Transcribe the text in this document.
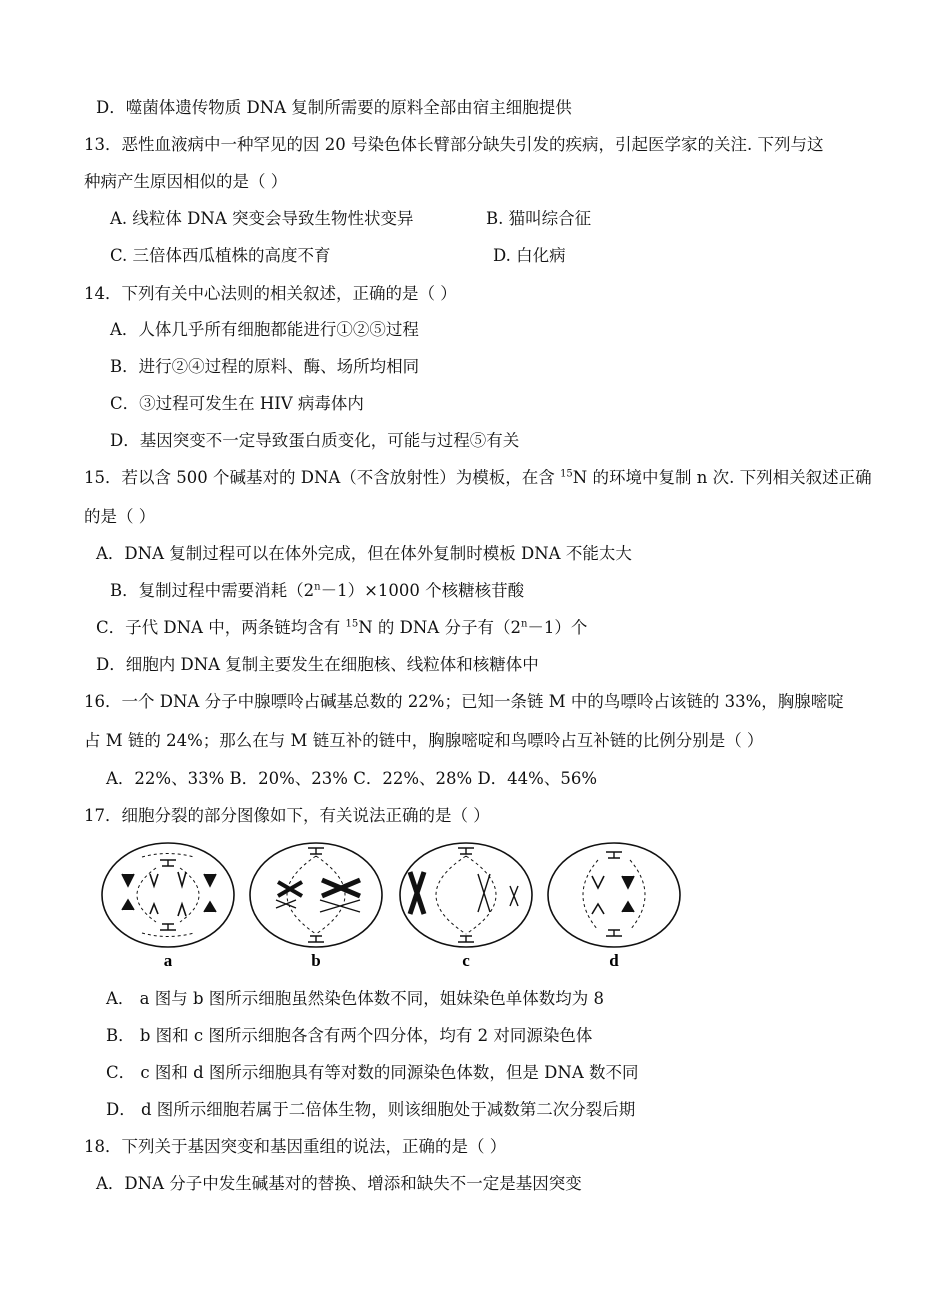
D．噬菌体遗传物质 DNA 复制所需要的原料全部由宿主细胞提供
13．恶性血液病中一种罕见的因 20 号染色体长臂部分缺失引发的疾病，引起医学家的关注. 下列与这
种病产生原因相似的是（ ）
A. 线粒体 DNA 突变会导致生物性状变异	B. 猫叫综合征
C. 三倍体西瓜植株的高度不育	D. 白化病
14．下列有关中心法则的相关叙述，正确的是（ ）
A．人体几乎所有细胞都能进行①②⑤过程
B．进行②④过程的原料、酶、场所均相同
C．③过程可发生在 HIV 病毒体内
D．基因突变不一定导致蛋白质变化，可能与过程⑤有关
15．若以含 500 个碱基对的 DNA（不含放射性）为模板，在含 $^{15}$N 的环境中复制 n 次. 下列相关叙述正确
的是（ ）
A．DNA 复制过程可以在体外完成，但在体外复制时模板 DNA 不能太大
B．复制过程中需要消耗$(2^n-1)\times 1000$ 个核糖核苷酸
C．子代 DNA 中，两条链均含有 $^{15}$N 的 DNA 分子有$(2^n-1)$个
D．细胞内 DNA 复制主要发生在细胞核、线粒体和核糖体中
16．一个 DNA 分子中腺嘌呤占碱基总数的 22%；已知一条链 M 中的鸟嘌呤占该链的 33%，胸腺嘧啶
占 M 链的 24%；那么在与 M 链互补的链中，胸腺嘧啶和鸟嘌呤占互补链的比例分别是（ ）
A．22%、33% B．20%、23% C．22%、28% D．44%、56%
17．细胞分裂的部分图像如下，有关说法正确的是（ ）
a	b	c	d
A． a 图与 b 图所示细胞虽然染色体数不同，姐妹染色单体数均为 8
B． b 图和 c 图所示细胞各含有两个四分体，均有 2 对同源染色体
C． c 图和 d 图所示细胞具有等对数的同源染色体数，但是 DNA 数不同
D． d 图所示细胞若属于二倍体生物，则该细胞处于减数第二次分裂后期
18．下列关于基因突变和基因重组的说法，正确的是（ ）
A．DNA 分子中发生碱基对的替换、增添和缺失不一定是基因突变
